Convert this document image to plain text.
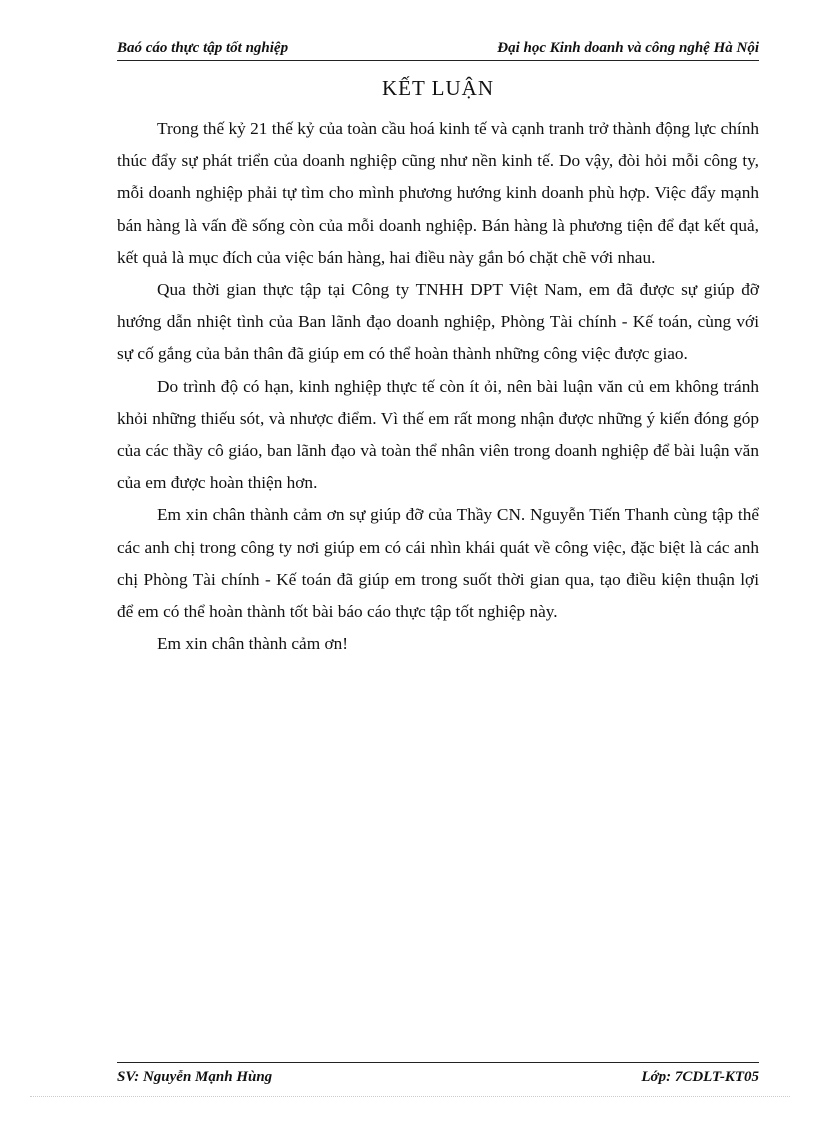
Baó cáo thực tập tốt nghiệp	Đại học Kinh doanh và công nghệ Hà Nội
KẾT LUẬN

Trong thế kỷ 21 thế kỷ của toàn cầu hoá kinh tế và cạnh tranh trở thành động lực chính thúc đẩy sự phát triển của doanh nghiệp cũng như nền kinh tế. Do vậy, đòi hỏi mỗi công ty, mỗi doanh nghiệp phải tự tìm cho mình phương hướng kinh doanh phù hợp. Việc đẩy mạnh bán hàng là vấn đề sống còn của mỗi doanh nghiệp. Bán hàng là phương tiện để đạt kết quả, kết quả là mục đích của việc bán hàng, hai điều này gắn bó chặt chẽ với nhau.

Qua thời gian thực tập tại Công ty TNHH DPT Việt Nam, em đã được sự giúp đỡ hướng dẫn nhiệt tình của Ban lãnh đạo doanh nghiệp, Phòng Tài chính - Kế toán, cùng với sự cố gắng của bản thân đã giúp em có thể hoàn thành những công việc được giao.

Do trình độ có hạn, kinh nghiệp thực tế còn ít ỏi, nên bài luận văn củ em không tránh khỏi những thiếu sót, và nhược điểm. Vì thế em rất mong nhận được những ý kiến đóng góp của các thầy cô giáo, ban lãnh đạo và toàn thể nhân viên trong doanh nghiệp để bài luận văn của em được hoàn thiện hơn.

Em xin chân thành cảm ơn sự giúp đỡ của Thầy CN. Nguyễn Tiến Thanh cùng tập thể các anh chị trong công ty nơi giúp em có cái nhìn khái quát về công việc, đặc biệt là các anh chị Phòng Tài chính - Kế toán đã giúp em trong suốt thời gian qua, tạo điều kiện thuận lợi để em có thể hoàn thành tốt bài báo cáo thực tập tốt nghiệp này.

Em xin chân thành cảm ơn!

SV: Nguyễn Mạnh Hùng	Lớp: 7CDLT-KT05
